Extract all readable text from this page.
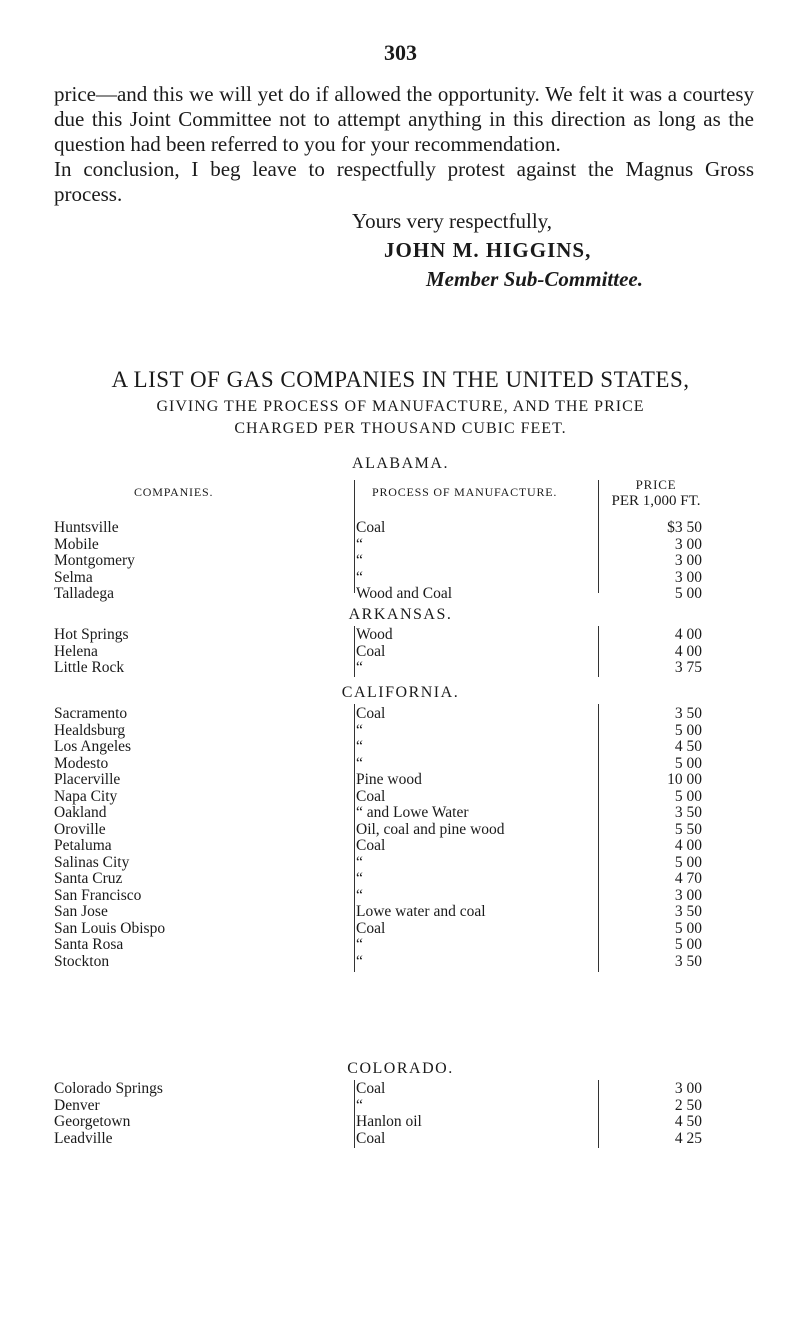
303

price—and this we will yet do if allowed the opportunity. We felt it was a courtesy due this Joint Committee not to attempt anything in this direction as long as the question had been referred to you for your recommendation.

In conclusion, I beg leave to respectfully protest against the Magnus Gross process.

Yours very respectfully,

JOHN M. HIGGINS,

Member Sub-Committee.

A LIST OF GAS COMPANIES IN THE UNITED STATES,
GIVING THE PROCESS OF MANUFACTURE, AND THE PRICE
CHARGED PER THOUSAND CUBIC FEET.
ALABAMA.
COMPANIES.	PROCESS OF MANUFACTURE.	PRICE
PER 1,000 FT.
Huntsville	Coal	$3 50
Mobile	“	3 00
Montgomery	“	3 00
Selma	“	3 00
Talladega	Wood and Coal	5 00
ARKANSAS.
Hot Springs	Wood	4 00
Helena	Coal	4 00
Little Rock	“	3 75
CALIFORNIA.
Sacramento	Coal	3 50
Healdsburg	“	5 00
Los Angeles	“	4 50
Modesto	“	5 00
Placerville	Pine wood	10 00
Napa City	Coal	5 00
Oakland	“ and Lowe Water	3 50
Oroville	Oil, coal and pine wood	5 50
Petaluma	Coal	4 00
Salinas City	“	5 00
Santa Cruz	“	4 70
San Francisco	“	3 00
San Jose	Lowe water and coal	3 50
San Louis Obispo	Coal	5 00
Santa Rosa	“	5 00
Stockton	“	3 50
COLORADO.
Colorado Springs	Coal	3 00
Denver	“	2 50
Georgetown	Hanlon oil	4 50
Leadville	Coal	4 25
